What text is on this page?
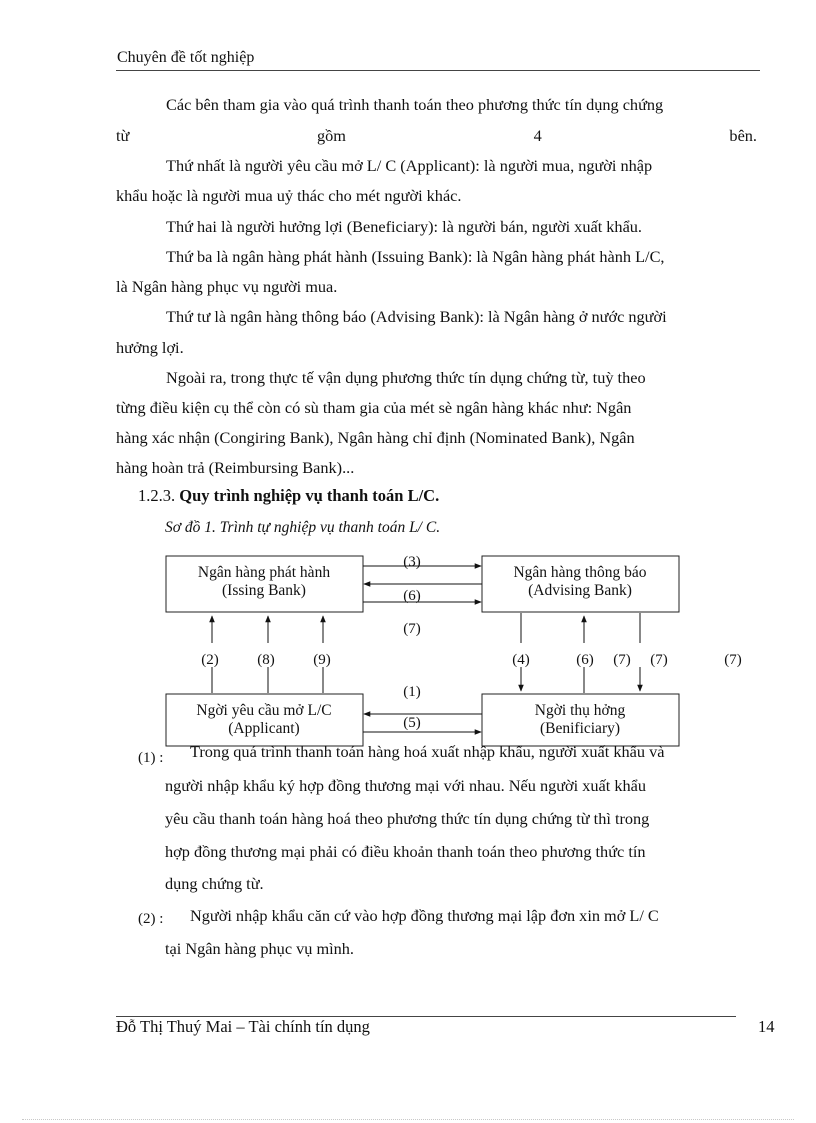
Chuyên đề tốt nghiệp
Các bên tham gia vào quá trình thanh toán theo phương thức tín dụng chứng
từ	gồm	4	bên.
Thứ nhất là người yêu cầu mở L/ C (Applicant): là người mua, người nhập
khẩu hoặc là người mua uỷ thác cho mét người khác.
Thứ hai là người hưởng lợi (Beneficiary): là người bán, người xuất khẩu.
Thứ ba là ngân hàng phát hành (Issuing Bank): là Ngân hàng phát hành L/C,
là Ngân hàng phục vụ người mua.
Thứ tư là ngân hàng thông báo (Advising Bank): là Ngân hàng ở nước người
hưởng lợi.
Ngoài ra, trong thực tế vận dụng phương thức tín dụng chứng từ, tuỳ theo
từng điều kiện cụ thể còn có sù tham gia của mét sè ngân hàng khác như: Ngân
hàng xác nhận (Congiring Bank), Ngân hàng chỉ định (Nominated Bank), Ngân
hàng hoàn trả (Reimbursing Bank)...
1.2.3. Quy trình nghiệp vụ thanh toán L/C.
Sơ đồ 1. Trình tự nghiệp vụ thanh toán L/ C.
Ngân hàng phát hành
(Issing Bank)
Ngân hàng thông báo
(Advising Bank)
Ngời yêu cầu mở L/C
(Applicant)
Ngời thụ hởng
(Benificiary)
(3)
(6)
(7)
(2)	(8)	(9)	(4)	(6) (7) (7)	(7)
(1)
(5)
(1) : Trong quá trình thanh toán hàng hoá xuất nhập khẩu, người xuất khẩu và
người nhập khẩu ký hợp đồng thương mại với nhau. Nếu người xuất khẩu
yêu cầu thanh toán hàng hoá theo phương thức tín dụng chứng từ thì trong
hợp đồng thương mại phải có điều khoản thanh toán theo phương thức tín
dụng chứng từ.
(2) : Người nhập khẩu căn cứ vào hợp đồng thương mại lập đơn xin mở L/ C
tại Ngân hàng phục vụ mình.
Đỗ Thị Thuý Mai – Tài chính tín dụng	14
